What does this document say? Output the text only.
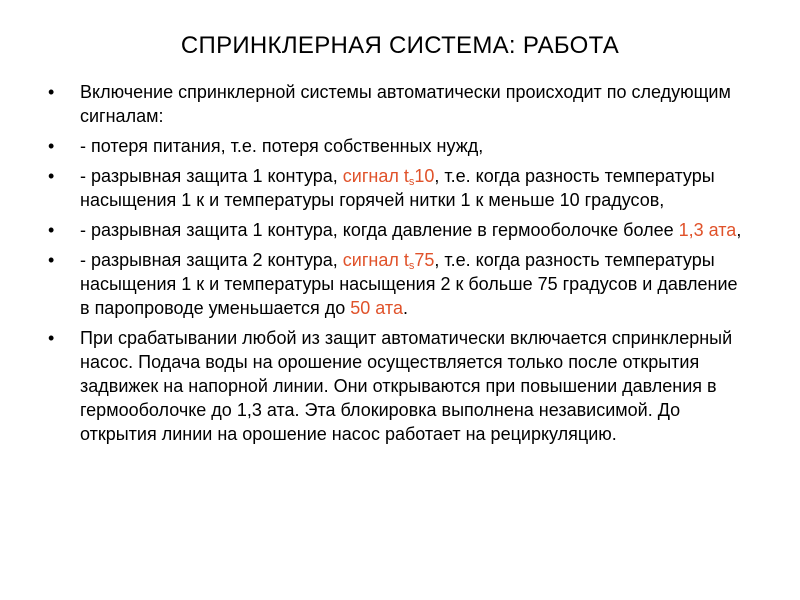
СПРИНКЛЕРНАЯ СИСТЕМА: РАБОТА
• Включение спринклерной системы автоматически происходит по следующим сигналам:
• - потеря питания, т.е. потеря собственных нужд,
• - разрывная защита 1 контура, сигнал $t_s10$, т.е. когда разность температуры насыщения 1 к и температуры горячей нитки 1 к меньше 10 градусов,
• - разрывная защита 1 контура, когда давление в гермооболочке более 1,3 ата,
• - разрывная защита 2 контура, сигнал $t_s75$, т.е. когда разность температуры насыщения 1 к и температуры насыщения 2 к больше 75 градусов и давление в паропроводе уменьшается до 50 ата.
• При срабатывании любой из защит автоматически включается спринклерный насос. Подача воды на орошение осуществляется только после открытия задвижек на напорной линии. Они открываются при повышении давления в гермооболочке до 1,3 ата. Эта блокировка выполнена независимой. До открытия линии на орошение насос работает на рециркуляцию.
